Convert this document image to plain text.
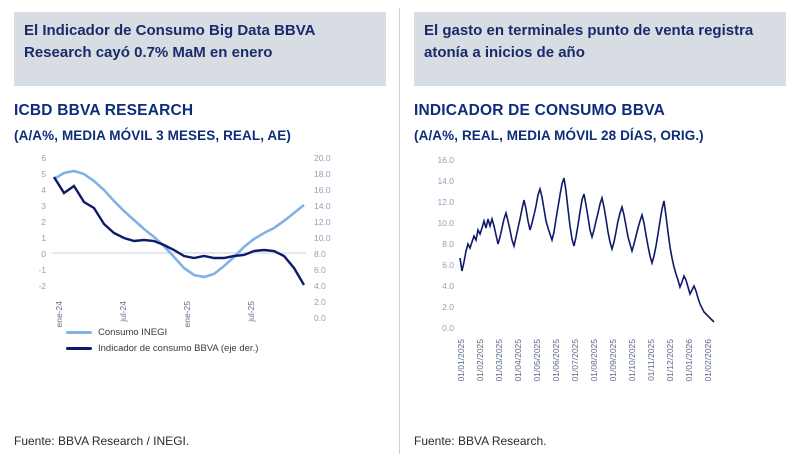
El Indicador de Consumo Big Data BBVA Research cayó 0.7% MaM en enero
ICBD BBVA RESEARCH
(A/A%, MEDIA MÓVIL 3 MESES, REAL, AE)
6
5
4
3
2
1
0
-1
-2
20.0
18.0
16.0
14.0
12.0
10.0
8.0
6.0
4.0
2.0
0.0
ene-24	jul-24	ene-25	jul-25
Consumo INEGI
Indicador de consumo BBVA (eje der.)
Fuente: BBVA Research / INEGI.
El gasto en terminales punto de venta registra atonía a inicios de año
INDICADOR DE CONSUMO BBVA
(A/A%, REAL, MEDIA MÓVIL 28 DÍAS, ORIG.)
16.0
14.0
12.0
10.0
8.0
6.0
4.0
2.0
0.0
01/01/2025 01/02/2025 01/03/2025 01/04/2025 01/05/2025 01/06/2025 01/07/2025 01/08/2025 01/09/2025 01/10/2025 01/11/2025 01/12/2025 01/01/2026 01/02/2026
Fuente: BBVA Research.
